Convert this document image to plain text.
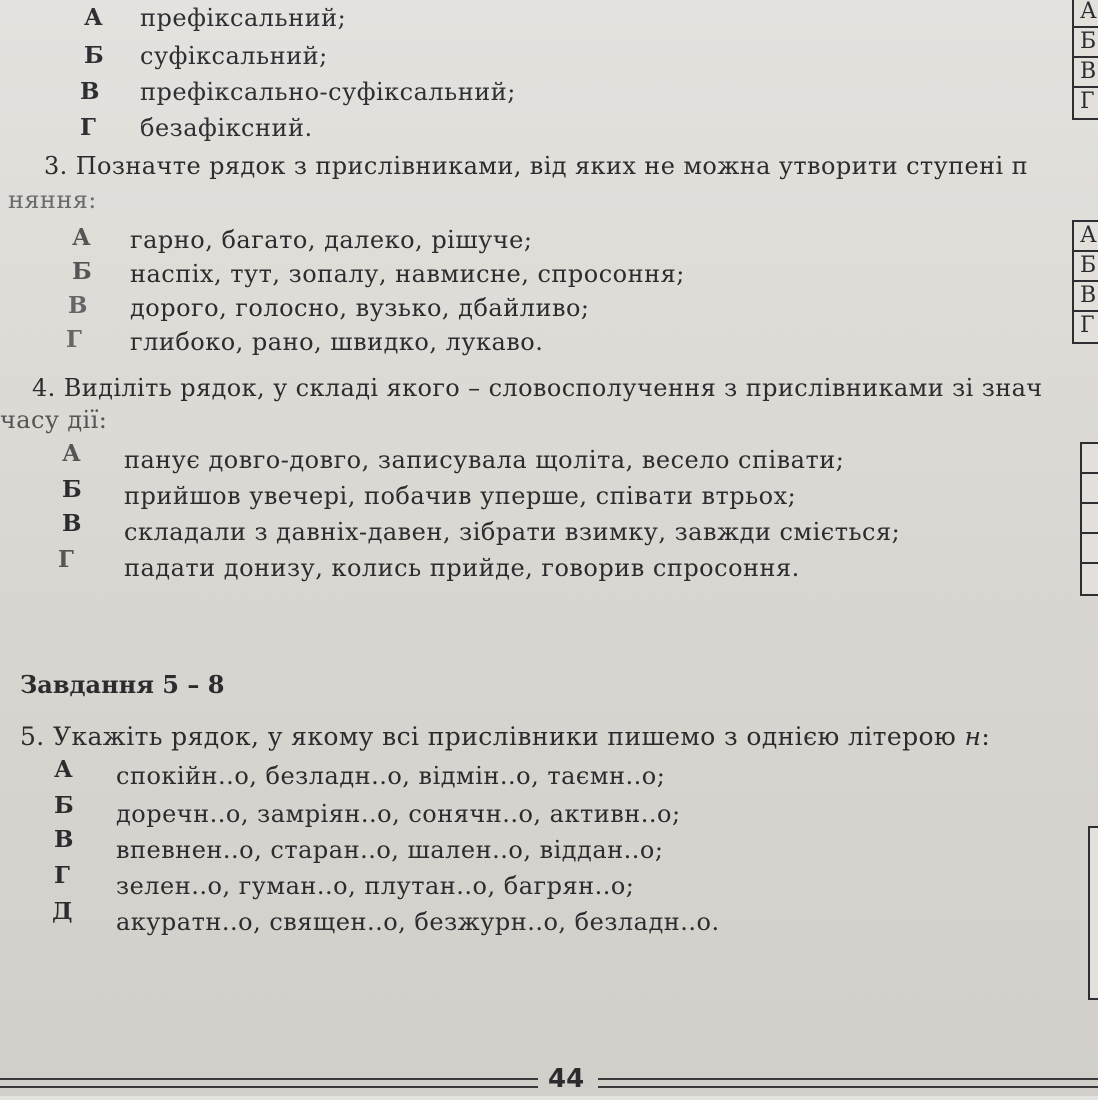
А префіксальний;
Б суфіксальний;
В префіксально-суфіксальний;
Г безафіксний.
А
Б
В
Г
3. Позначте рядок з прислівниками, від яких не можна утворити ступені п
няння:
А гарно, багато, далеко, рішуче;
Б наспіх, тут, зопалу, навмисне, спросоння;
В дорого, голосно, вузько, дбайливо;
Г глибоко, рано, швидко, лукаво.
А
Б
В
Г
4. Виділіть рядок, у складі якого – словосполучення з прислівниками зі знач
часу дії:
А панує довго-довго, записувала щоліта, весело співати;
Б прийшов увечері, побачив уперше, співати втрьох;
В складали з давніх-давен, зібрати взимку, завжди сміється;
Г падати донизу, колись прийде, говорив спросоння.
Завдання 5 – 8
5. Укажіть рядок, у якому всі прислівники пишемо з однією літерою н:
А спокійн..о, безладн..о, відмін..о, таємн..о;
Б доречн..о, замріян..о, сонячн..о, активн..о;
В впевнен..о, старан..о, шален..о, віддан..о;
Г зелен..о, гуман..о, плутан..о, багрян..о;
Д акуратн..о, священ..о, безжурн..о, безладн..о.
44
